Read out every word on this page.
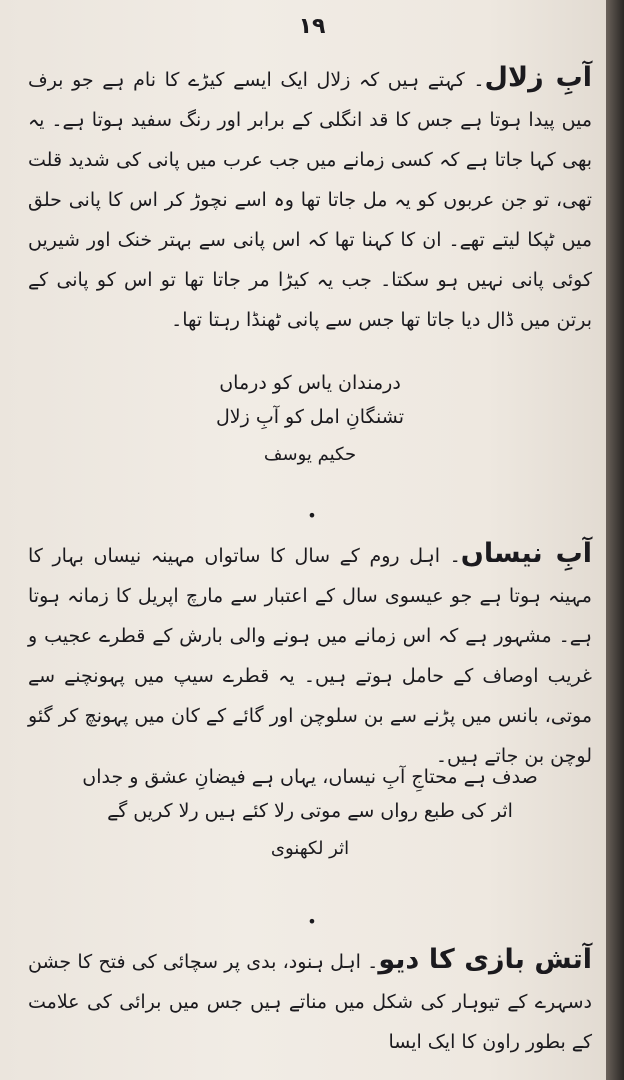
١٩

آبِ زلال۔ کہتے ہیں کہ زلال ایک ایسے کیڑے کا نام ہے جو برف میں پیدا ہوتا ہے جس کا قد انگلی کے برابر اور رنگ سفید ہوتا ہے۔ یہ بھی کہا جاتا ہے کہ کسی زمانے میں جب عرب میں پانی کی شدید قلت تھی، تو جن عربوں کو یہ مل جاتا تھا وہ اسے نچوڑ کر اس کا پانی حلق میں ٹپکا لیتے تھے۔ ان کا کہنا تھا کہ اس پانی سے بہتر خنک اور شیریں کوئی پانی نہیں ہو سکتا۔ جب یہ کیڑا مر جاتا تھا تو اس کو پانی کے برتن میں ڈال دیا جاتا تھا جس سے پانی ٹھنڈا رہتا تھا۔

درمندان یاس کو درماں

تشنگانِ امل کو آبِ زلال

حکیم یوسف

•

آبِ نیساں۔ اہل روم کے سال کا ساتواں مہینہ نیساں بہار کا مہینہ ہوتا ہے جو عیسوی سال کے اعتبار سے مارچ اپریل کا زمانہ ہوتا ہے۔ مشہور ہے کہ اس زمانے میں ہونے والی بارش کے قطرے عجیب و غریب اوصاف کے حامل ہوتے ہیں۔ یہ قطرے سیپ میں پہونچنے سے موتی، بانس میں پڑنے سے بن سلوچن اور گائے کے کان میں پہونچ کر گئو لوچن بن جاتے ہیں۔

صدف ہے محتاجِ آبِ نیساں، یہاں ہے فیضانِ عشق و جداں

اثر کی طبع رواں سے موتی رلا کئے ہیں رلا کریں گے

اثر لکھنوی

•

آتش بازی کا دیو۔ اہل ہنود، بدی پر سچائی کی فتح کا جشن دسہرے کے تیوہار کی شکل میں مناتے ہیں جس میں برائی کی علامت کے بطور راون کا ایک ایسا
